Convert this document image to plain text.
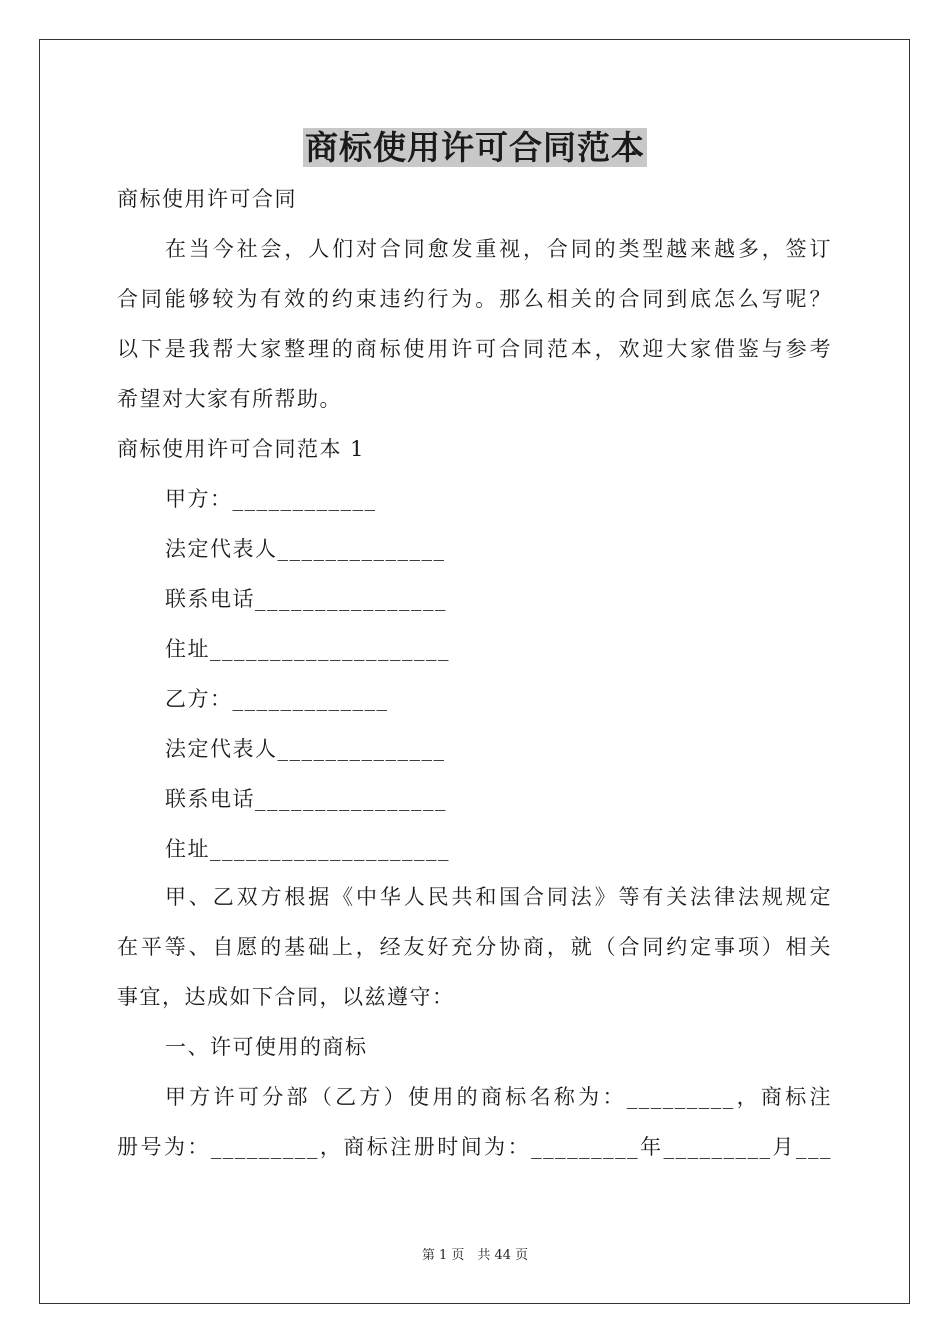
商标使用许可合同范本
商标使用许可合同
在当今社会，人们对合同愈发重视，合同的类型越来越多，签订
合同能够较为有效的约束违约行为。那么相关的合同到底怎么写呢？
以下是我帮大家整理的商标使用许可合同范本，欢迎大家借鉴与参考
希望对大家有所帮助。
商标使用许可合同范本 1
甲方：____________
法定代表人______________
联系电话________________
住址____________________
乙方：_____________
法定代表人______________
联系电话________________
住址____________________
甲、乙双方根据《中华人民共和国合同法》等有关法律法规规定
在平等、自愿的基础上，经友好充分协商，就（合同约定事项）相关
事宜，达成如下合同，以兹遵守：
一、许可使用的商标
甲方许可分部（乙方）使用的商标名称为：_________，商标注
册号为：_________，商标注册时间为：_________年_________月___
第 1 页　共 44 页
